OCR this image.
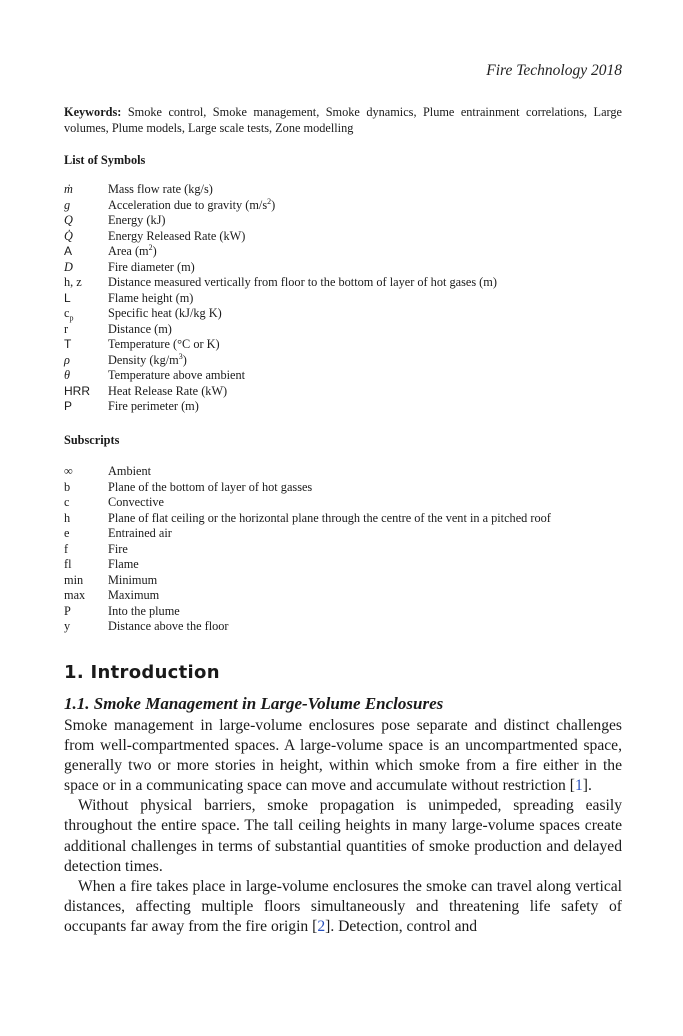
Fire Technology 2018
Keywords: Smoke control, Smoke management, Smoke dynamics, Plume entrainment correlations, Large volumes, Plume models, Large scale tests, Zone modelling
List of Symbols
ṁ	Mass flow rate (kg/s)
g	Acceleration due to gravity $(m/s^2)$
Q	Energy (kJ)
Q̇	Energy Released Rate (kW)
A	Area $(m^2)$
D	Fire diameter (m)
h, z	Distance measured vertically from floor to the bottom of layer of hot gases (m)
L	Flame height (m)
$c_p$	Specific heat (kJ/kg K)
r	Distance (m)
T	Temperature (°C or K)
ρ	Density $(kg/m^3)$
θ	Temperature above ambient
HRR	Heat Release Rate (kW)
P	Fire perimeter (m)
Subscripts
∞	Ambient
b	Plane of the bottom of layer of hot gasses
c	Convective
h	Plane of flat ceiling or the horizontal plane through the centre of the vent in a pitched roof
e	Entrained air
f	Fire
fl	Flame
min	Minimum
max	Maximum
P	Into the plume
y	Distance above the floor
1. Introduction
1.1. Smoke Management in Large-Volume Enclosures

Smoke management in large-volume enclosures pose separate and distinct challenges from well-compartmented spaces. A large-volume space is an uncompartmented space, generally two or more stories in height, within which smoke from a fire either in the space or in a communicating space can move and accumulate without restriction [1].

Without physical barriers, smoke propagation is unimpeded, spreading easily throughout the entire space. The tall ceiling heights in many large-volume spaces create additional challenges in terms of substantial quantities of smoke production and delayed detection times.

When a fire takes place in large-volume enclosures the smoke can travel along vertical distances, affecting multiple floors simultaneously and threatening life safety of occupants far away from the fire origin [2]. Detection, control and
